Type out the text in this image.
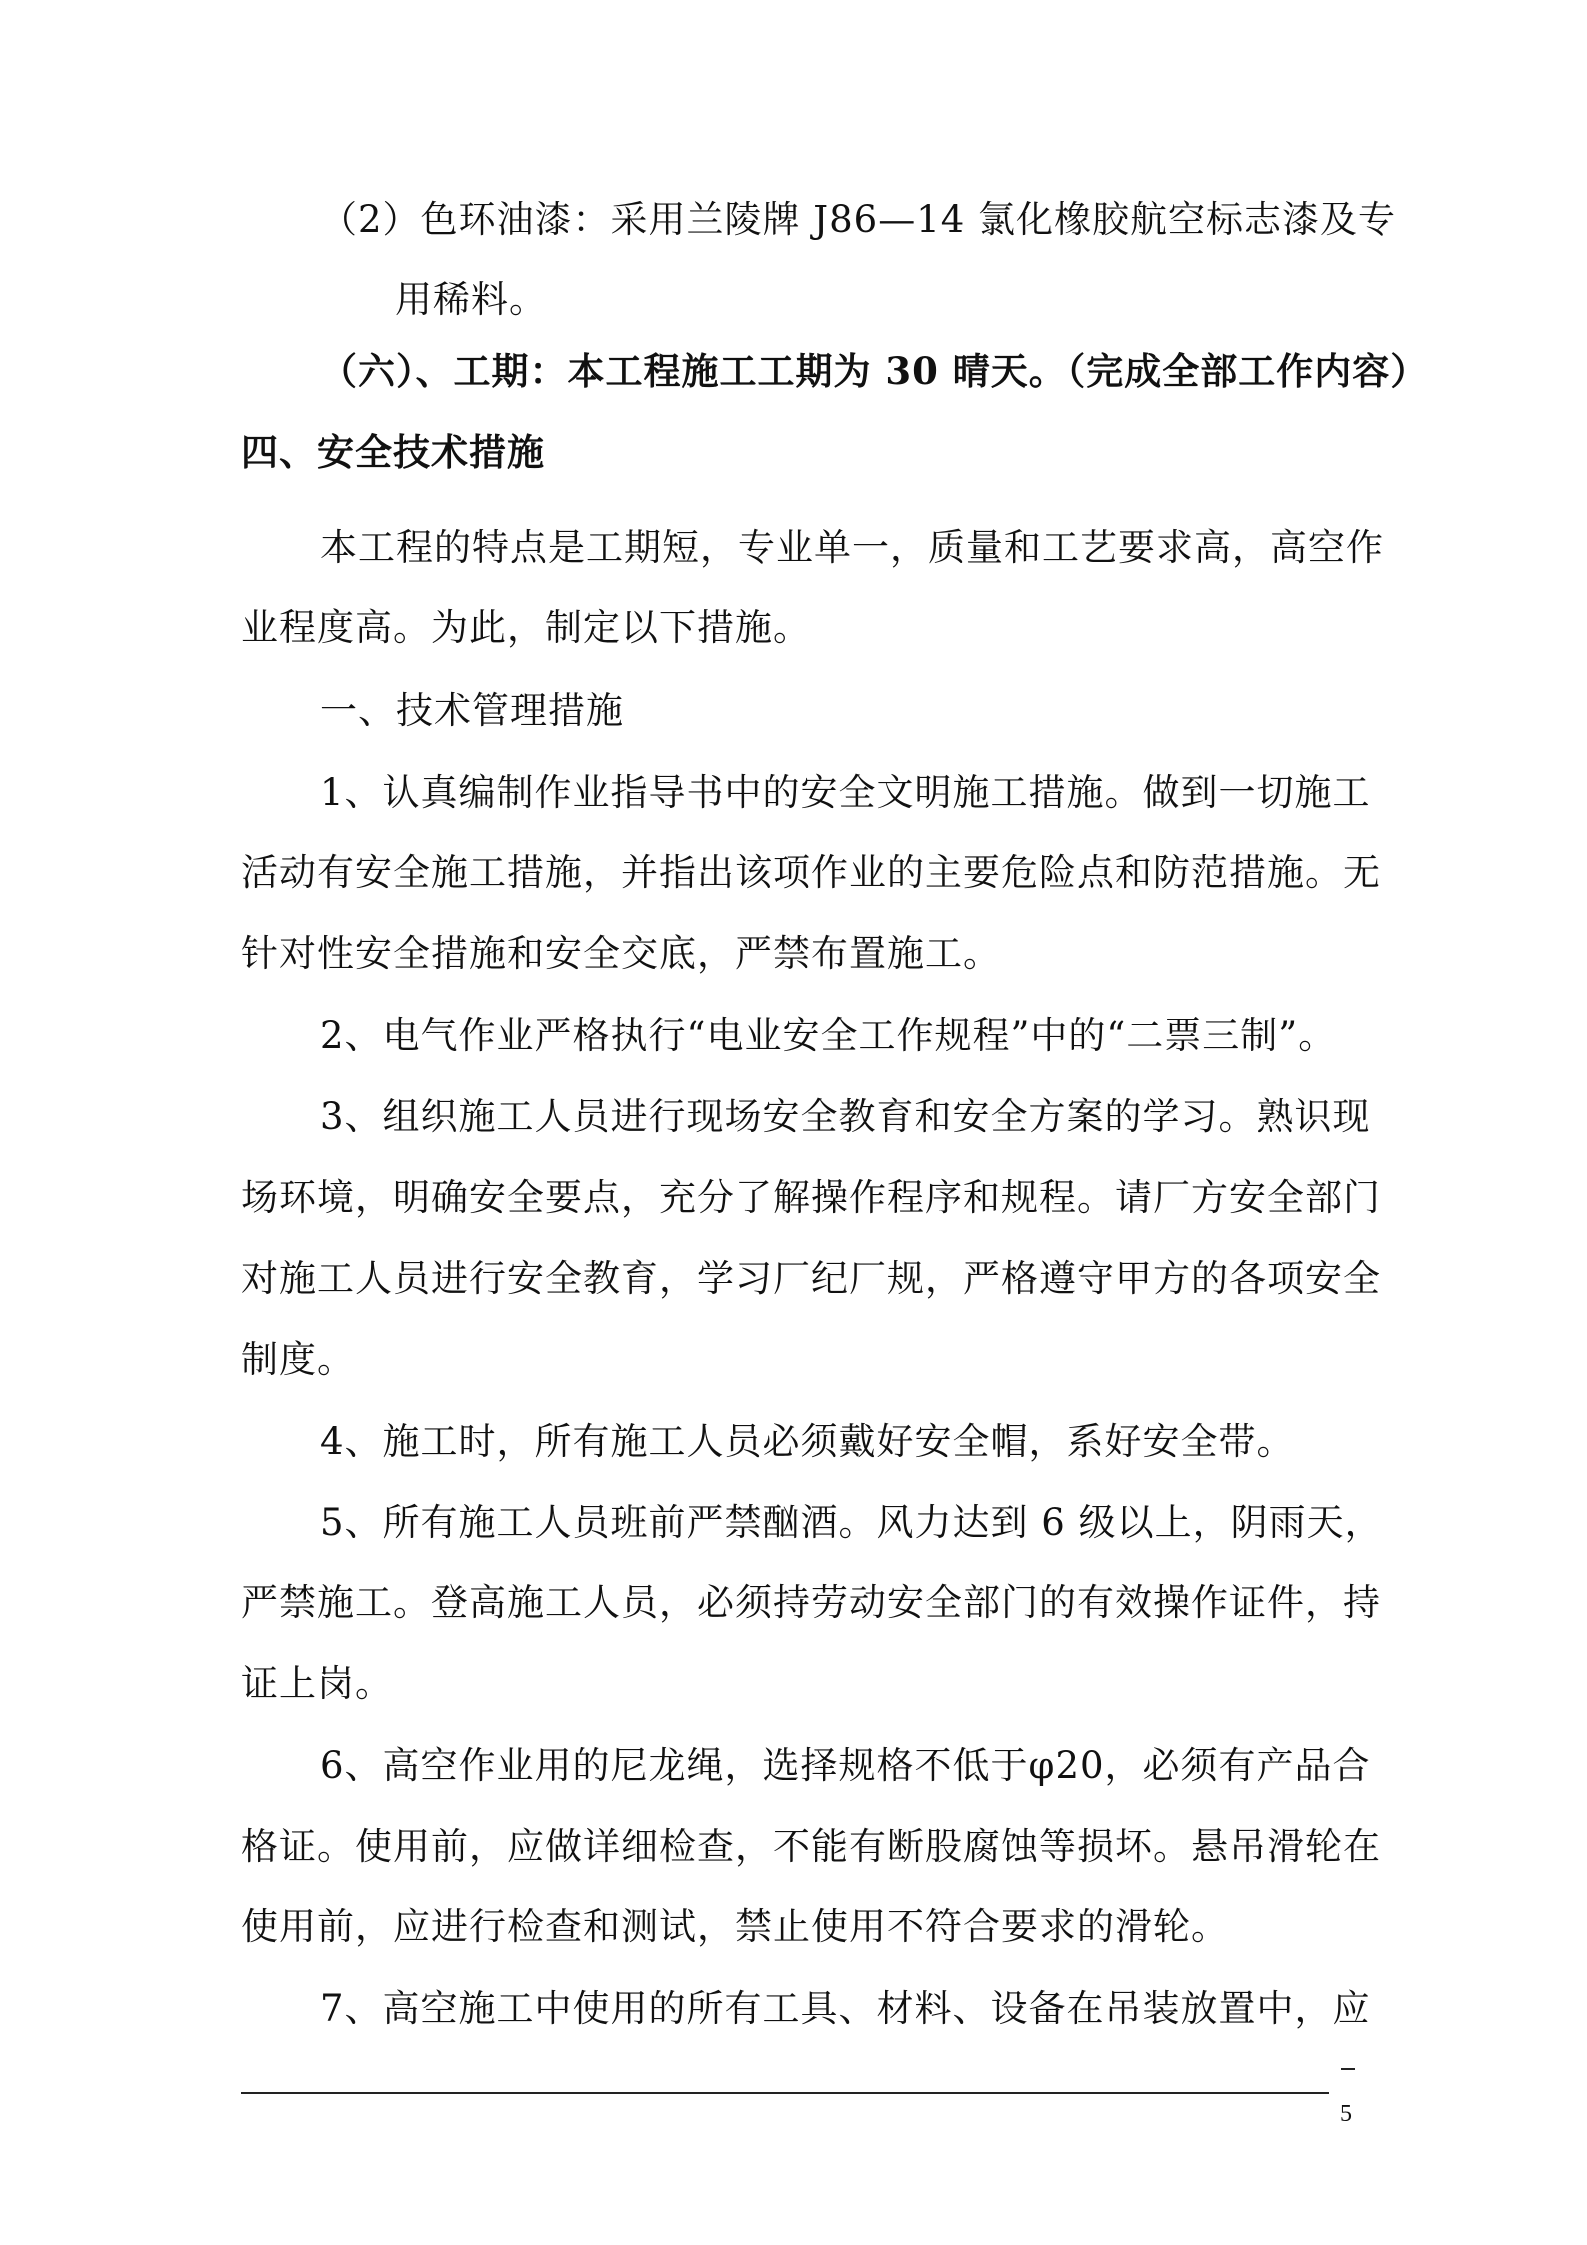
（2）色环油漆：采用兰陵牌 J86—14 氯化橡胶航空标志漆及专
用稀料。
（六）、工期：本工程施工工期为 30 晴天。（完成全部工作内容）
四、安全技术措施
本工程的特点是工期短，专业单一，质量和工艺要求高，高空作
业程度高。为此，制定以下措施。
一、技术管理措施
1、认真编制作业指导书中的安全文明施工措施。做到一切施工
活动有安全施工措施，并指出该项作业的主要危险点和防范措施。无
针对性安全措施和安全交底，严禁布置施工。
2、电气作业严格执行“电业安全工作规程”中的“二票三制”。
3、组织施工人员进行现场安全教育和安全方案的学习。熟识现
场环境，明确安全要点，充分了解操作程序和规程。请厂方安全部门
对施工人员进行安全教育，学习厂纪厂规，严格遵守甲方的各项安全
制度。
4、施工时，所有施工人员必须戴好安全帽，系好安全带。
5、所有施工人员班前严禁酗酒。风力达到 6 级以上，阴雨天，
严禁施工。登高施工人员，必须持劳动安全部门的有效操作证件，持
证上岗。
6、高空作业用的尼龙绳，选择规格不低于φ20，必须有产品合
格证。使用前，应做详细检查，不能有断股腐蚀等损坏。悬吊滑轮在
使用前，应进行检查和测试，禁止使用不符合要求的滑轮。
7、高空施工中使用的所有工具、材料、设备在吊装放置中，应
5
